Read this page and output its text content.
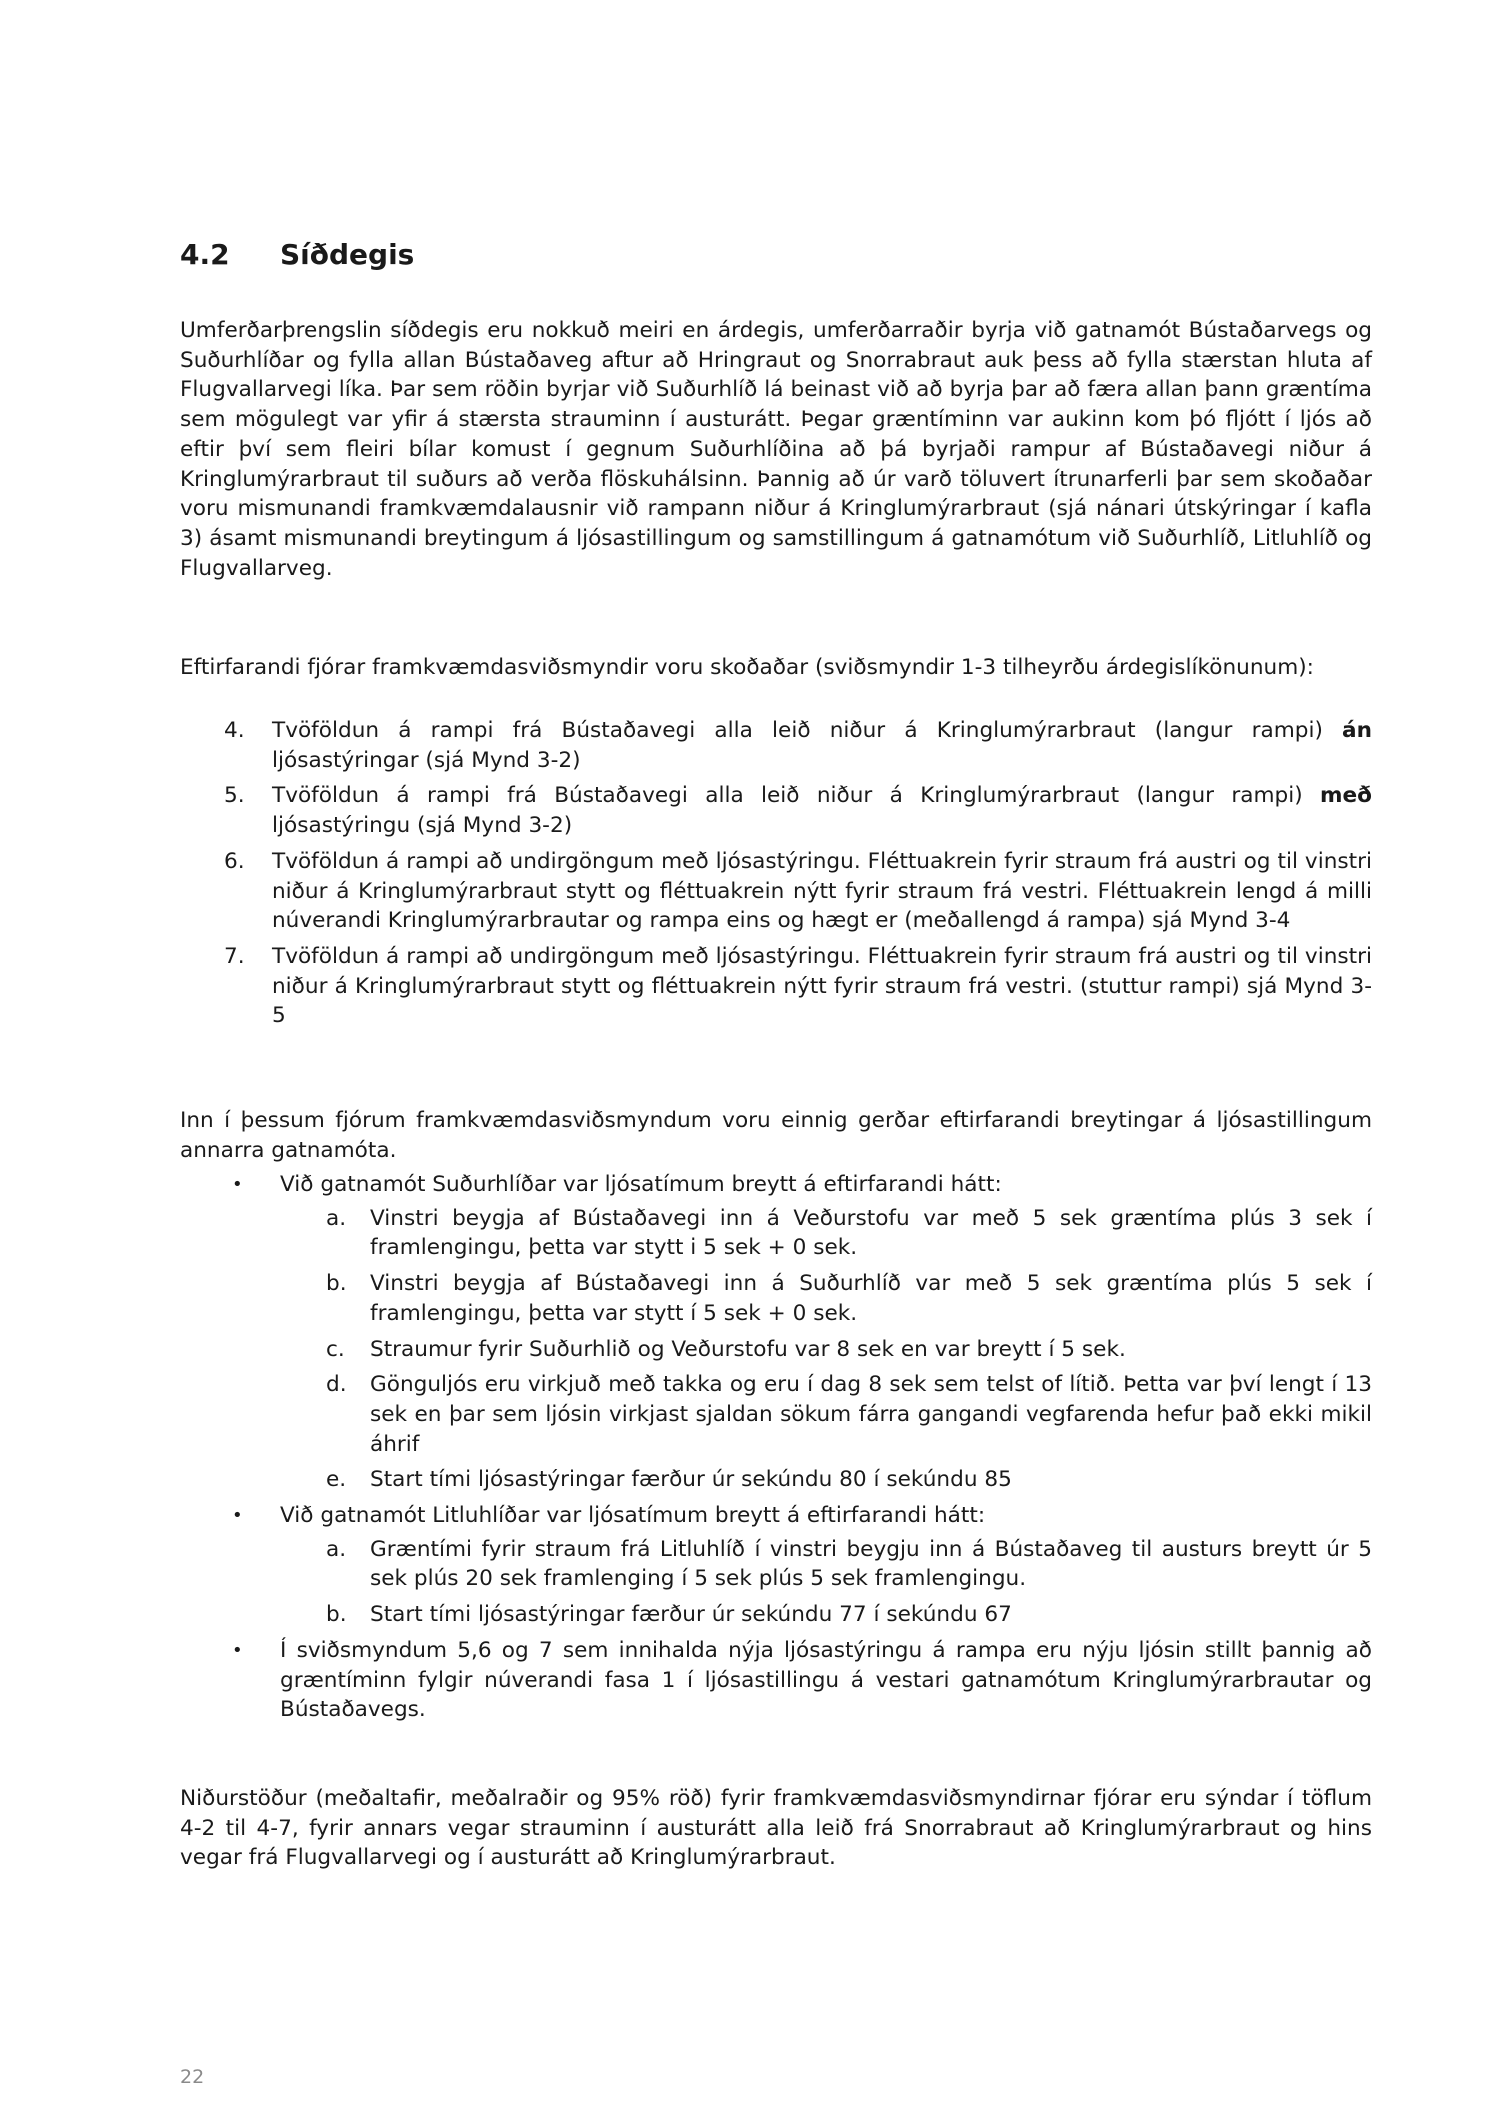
4.2 Síðdegis

Umferðarþrengslin síðdegis eru nokkuð meiri en árdegis, umferðarraðir byrja við gatnamót Bústaðarvegs og Suðurhlíðar og fylla allan Bústaðaveg aftur að Hringraut og Snorrabraut auk þess að fylla stærstan hluta af Flugvallarvegi líka. Þar sem röðin byrjar við Suðurhlíð lá beinast við að byrja þar að færa allan þann græntíma sem mögulegt var yfir á stærsta strauminn í austurátt. Þegar græntíminn var aukinn kom þó fljótt í ljós að eftir því sem fleiri bílar komust í gegnum Suðurhlíðina að þá byrjaði rampur af Bústaðavegi niður á Kringlumýrarbraut til suðurs að verða flöskuhálsinn. Þannig að úr varð töluvert ítrunarferli þar sem skoðaðar voru mismunandi framkvæmdalausnir við rampann niður á Kringlumýrarbraut (sjá nánari útskýringar í kafla 3) ásamt mismunandi breytingum á ljósastillingum og samstillingum á gatnamótum við Suðurhlíð, Litluhlíð og Flugvallarveg.

Eftirfarandi fjórar framkvæmdasviðsmyndir voru skoðaðar (sviðsmyndir 1-3 tilheyrðu árdegislíkönunum):

4. Tvöföldun á rampi frá Bústaðavegi alla leið niður á Kringlumýrarbraut (langur rampi) án ljósastýringar (sjá Mynd 3-2)
5. Tvöföldun á rampi frá Bústaðavegi alla leið niður á Kringlumýrarbraut (langur rampi) með ljósastýringu (sjá Mynd 3-2)
6. Tvöföldun á rampi að undirgöngum með ljósastýringu. Fléttuakrein fyrir straum frá austri og til vinstri niður á Kringlumýrarbraut stytt og fléttuakrein nýtt fyrir straum frá vestri. Fléttuakrein lengd á milli núverandi Kringlumýrarbrautar og rampa eins og hægt er (meðallengd á rampa) sjá Mynd 3-4
7. Tvöföldun á rampi að undirgöngum með ljósastýringu. Fléttuakrein fyrir straum frá austri og til vinstri niður á Kringlumýrarbraut stytt og fléttuakrein nýtt fyrir straum frá vestri. (stuttur rampi) sjá Mynd 3-5

Inn í þessum fjórum framkvæmdasviðsmyndum voru einnig gerðar eftirfarandi breytingar á ljósastillingum annarra gatnamóta.

• Við gatnamót Suðurhlíðar var ljósatímum breytt á eftirfarandi hátt:
a. Vinstri beygja af Bústaðavegi inn á Veðurstofu var með 5 sek græntíma plús 3 sek í framlengingu, þetta var stytt i 5 sek + 0 sek.
b. Vinstri beygja af Bústaðavegi inn á Suðurhlíð var með 5 sek græntíma plús 5 sek í framlengingu, þetta var stytt í 5 sek + 0 sek.
c. Straumur fyrir Suðurhlið og Veðurstofu var 8 sek en var breytt í 5 sek.
d. Gönguljós eru virkjuð með takka og eru í dag 8 sek sem telst of lítið. Þetta var því lengt í 13 sek en þar sem ljósin virkjast sjaldan sökum fárra gangandi vegfarenda hefur það ekki mikil áhrif
e. Start tími ljósastýringar færður úr sekúndu 80 í sekúndu 85
• Við gatnamót Litluhlíðar var ljósatímum breytt á eftirfarandi hátt:
a. Græntími fyrir straum frá Litluhlíð í vinstri beygju inn á Bústaðaveg til austurs breytt úr 5 sek plús 20 sek framlenging í 5 sek plús 5 sek framlengingu.
b. Start tími ljósastýringar færður úr sekúndu 77 í sekúndu 67
• Í sviðsmyndum 5,6 og 7 sem innihalda nýja ljósastýringu á rampa eru nýju ljósin stillt þannig að græntíminn fylgir núverandi fasa 1 í ljósastillingu á vestari gatnamótum Kringlumýrarbrautar og Bústaðavegs.

Niðurstöður (meðaltafir, meðalraðir og 95% röð) fyrir framkvæmdasviðsmyndirnar fjórar eru sýndar í töflum 4-2 til 4-7, fyrir annars vegar strauminn í austurátt alla leið frá Snorrabraut að Kringlumýrarbraut og hins vegar frá Flugvallarvegi og í austurátt að Kringlumýrarbraut.

22
